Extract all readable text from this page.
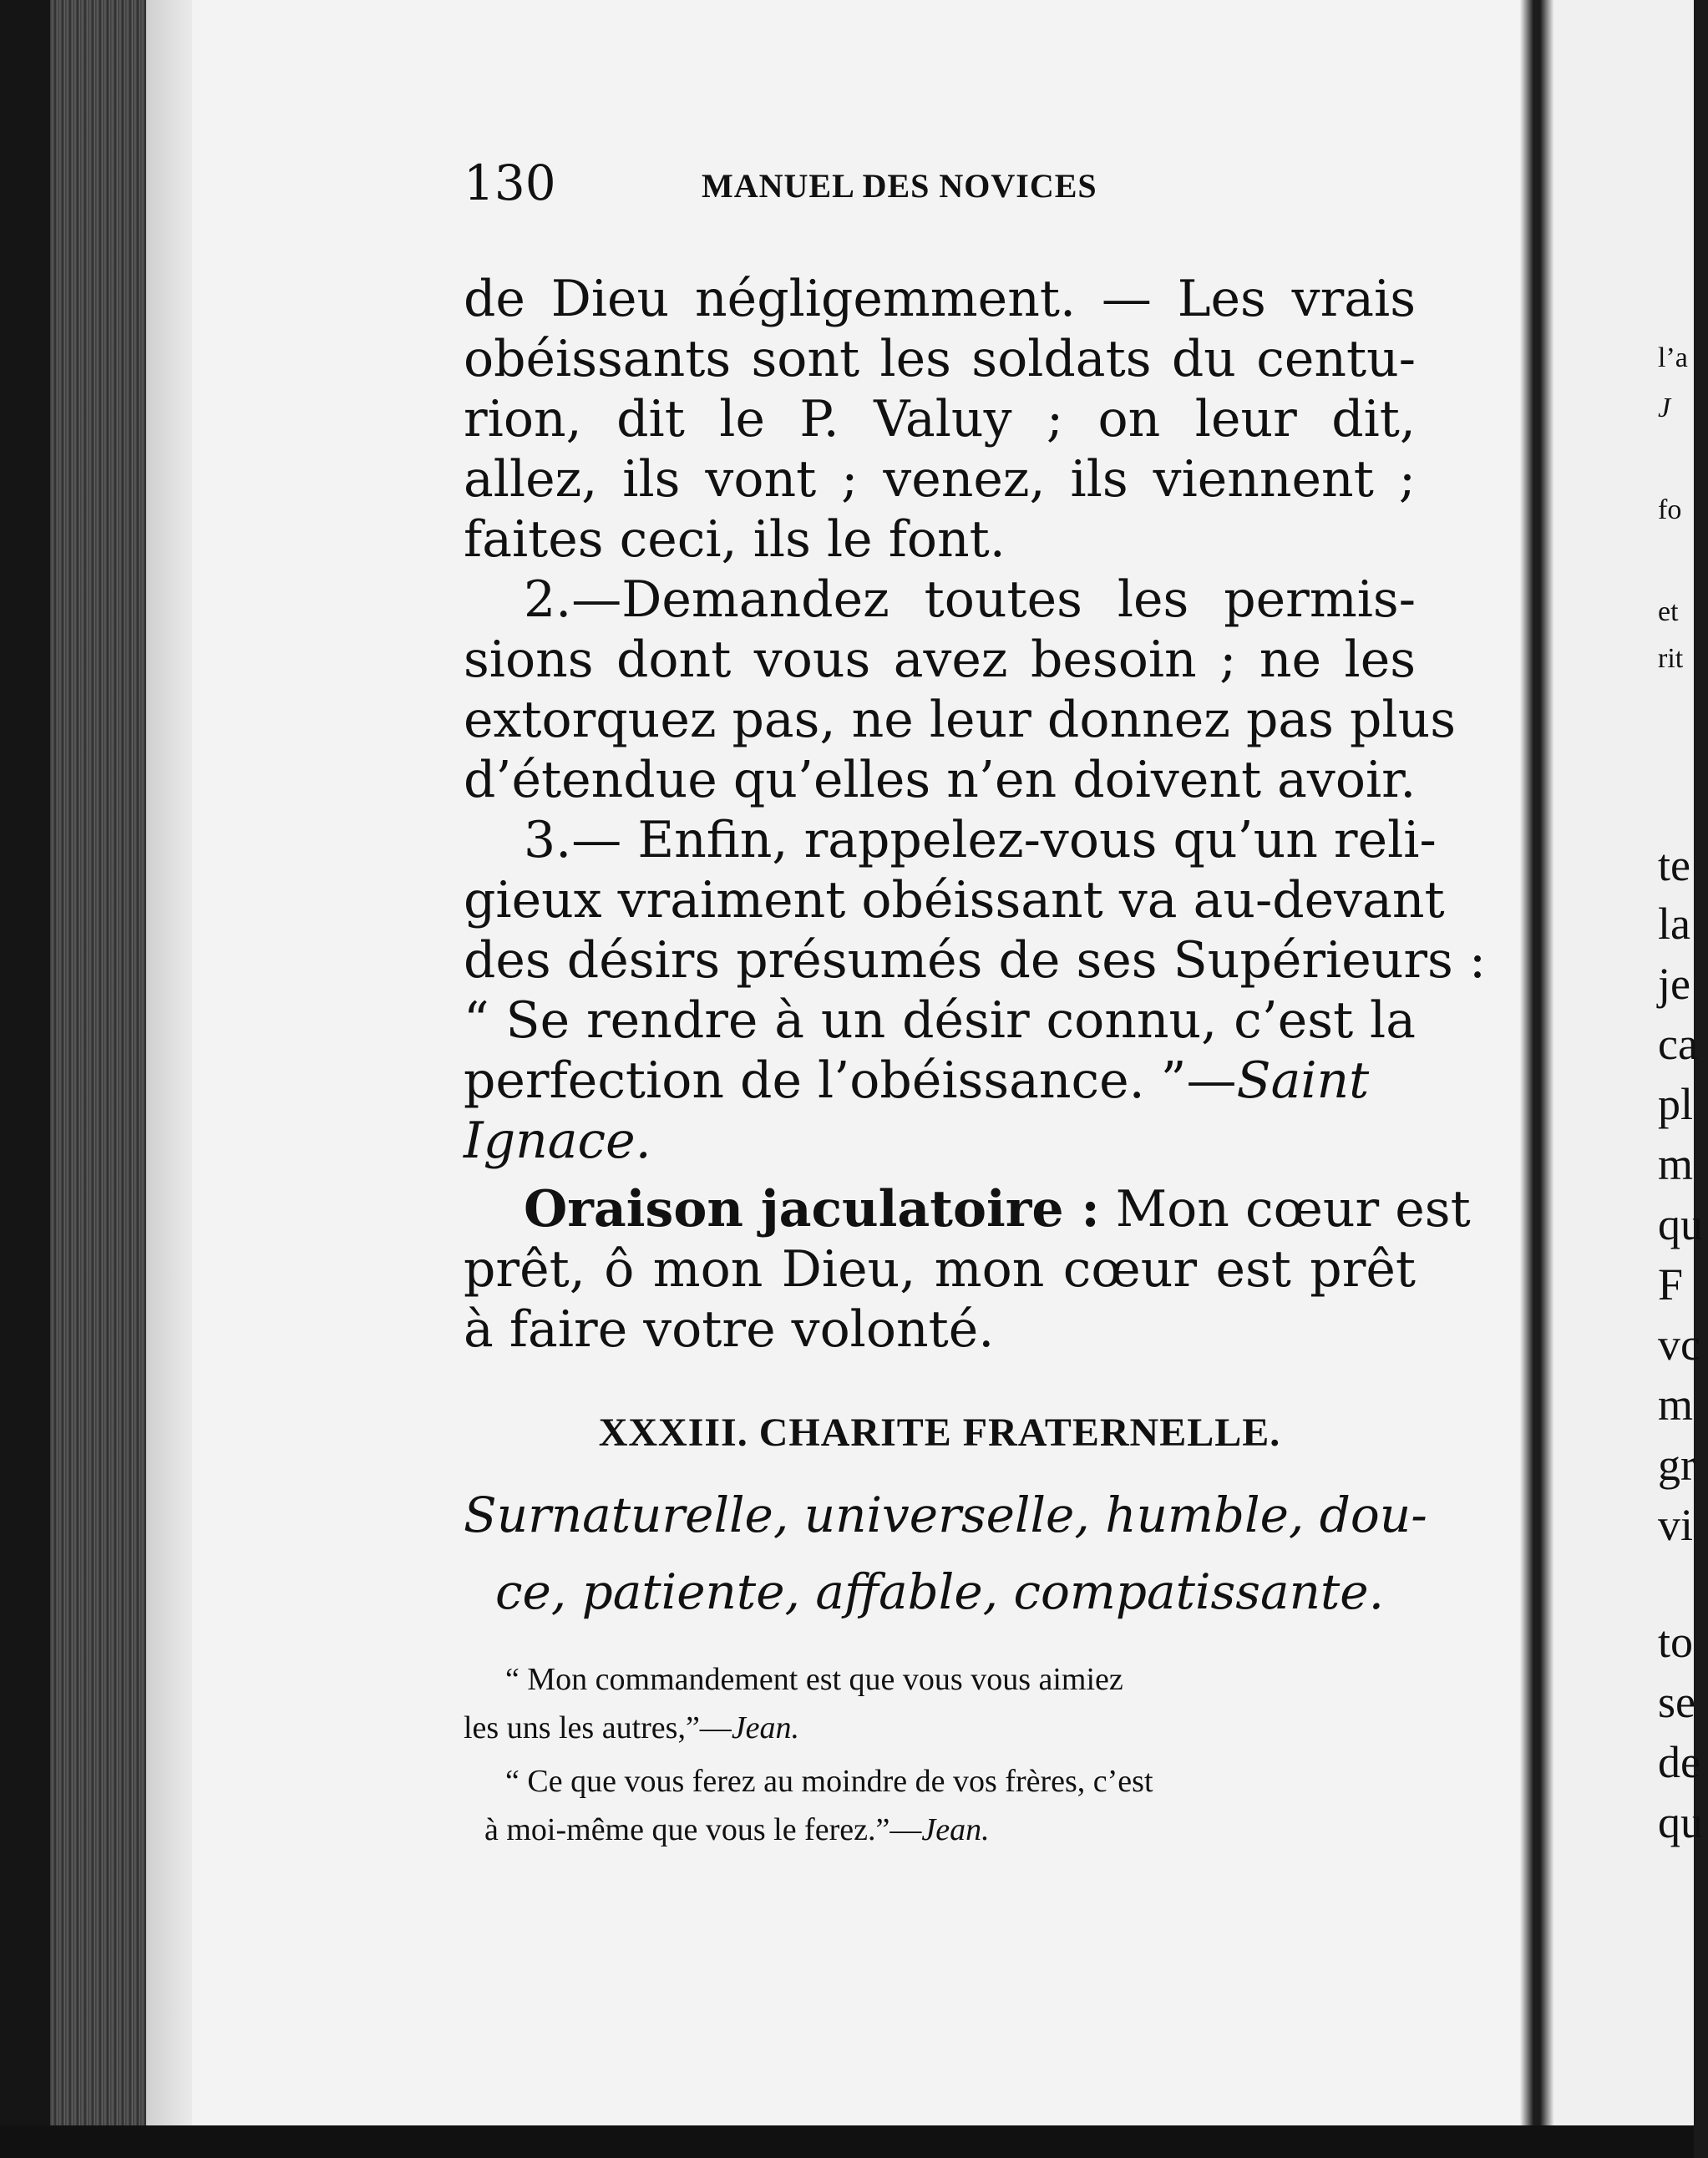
130	MANUEL DES NOVICES
de Dieu négligemment. — Les vrais
obéissants sont les soldats du centu-
rion, dit le P. Valuy ; on leur dit,
allez, ils vont ; venez, ils viennent ;
faites ceci, ils le font.
2.—Demandez toutes les permis-
sions dont vous avez besoin ; ne les
extorquez pas, ne leur donnez pas plus
d’étendue qu’elles n’en doivent avoir.
3.— Enfin, rappelez-vous qu’un reli-
gieux vraiment obéissant va au-devant
des désirs présumés de ses Supérieurs :
“ Se rendre à un désir connu, c’est la
perfection de l’obéissance. ”—Saint
Ignace.
Oraison jaculatoire : Mon cœur est
prêt, ô mon Dieu, mon cœur est prêt
à faire votre volonté.
XXXIII. CHARITE FRATERNELLE.
Surnaturelle, universelle, humble, dou-
ce, patiente, affable, compatissante.
“ Mon commandement est que vous vous aimiez
les uns les autres,”—Jean.
“ Ce que vous ferez au moindre de vos frères, c’est
à moi-même que vous le ferez.”—Jean.
l’a
J
fo
et
rit
te
la
je
ca
pl
m
qu
F
vc
m
gr
vi
to
se
de
qu
